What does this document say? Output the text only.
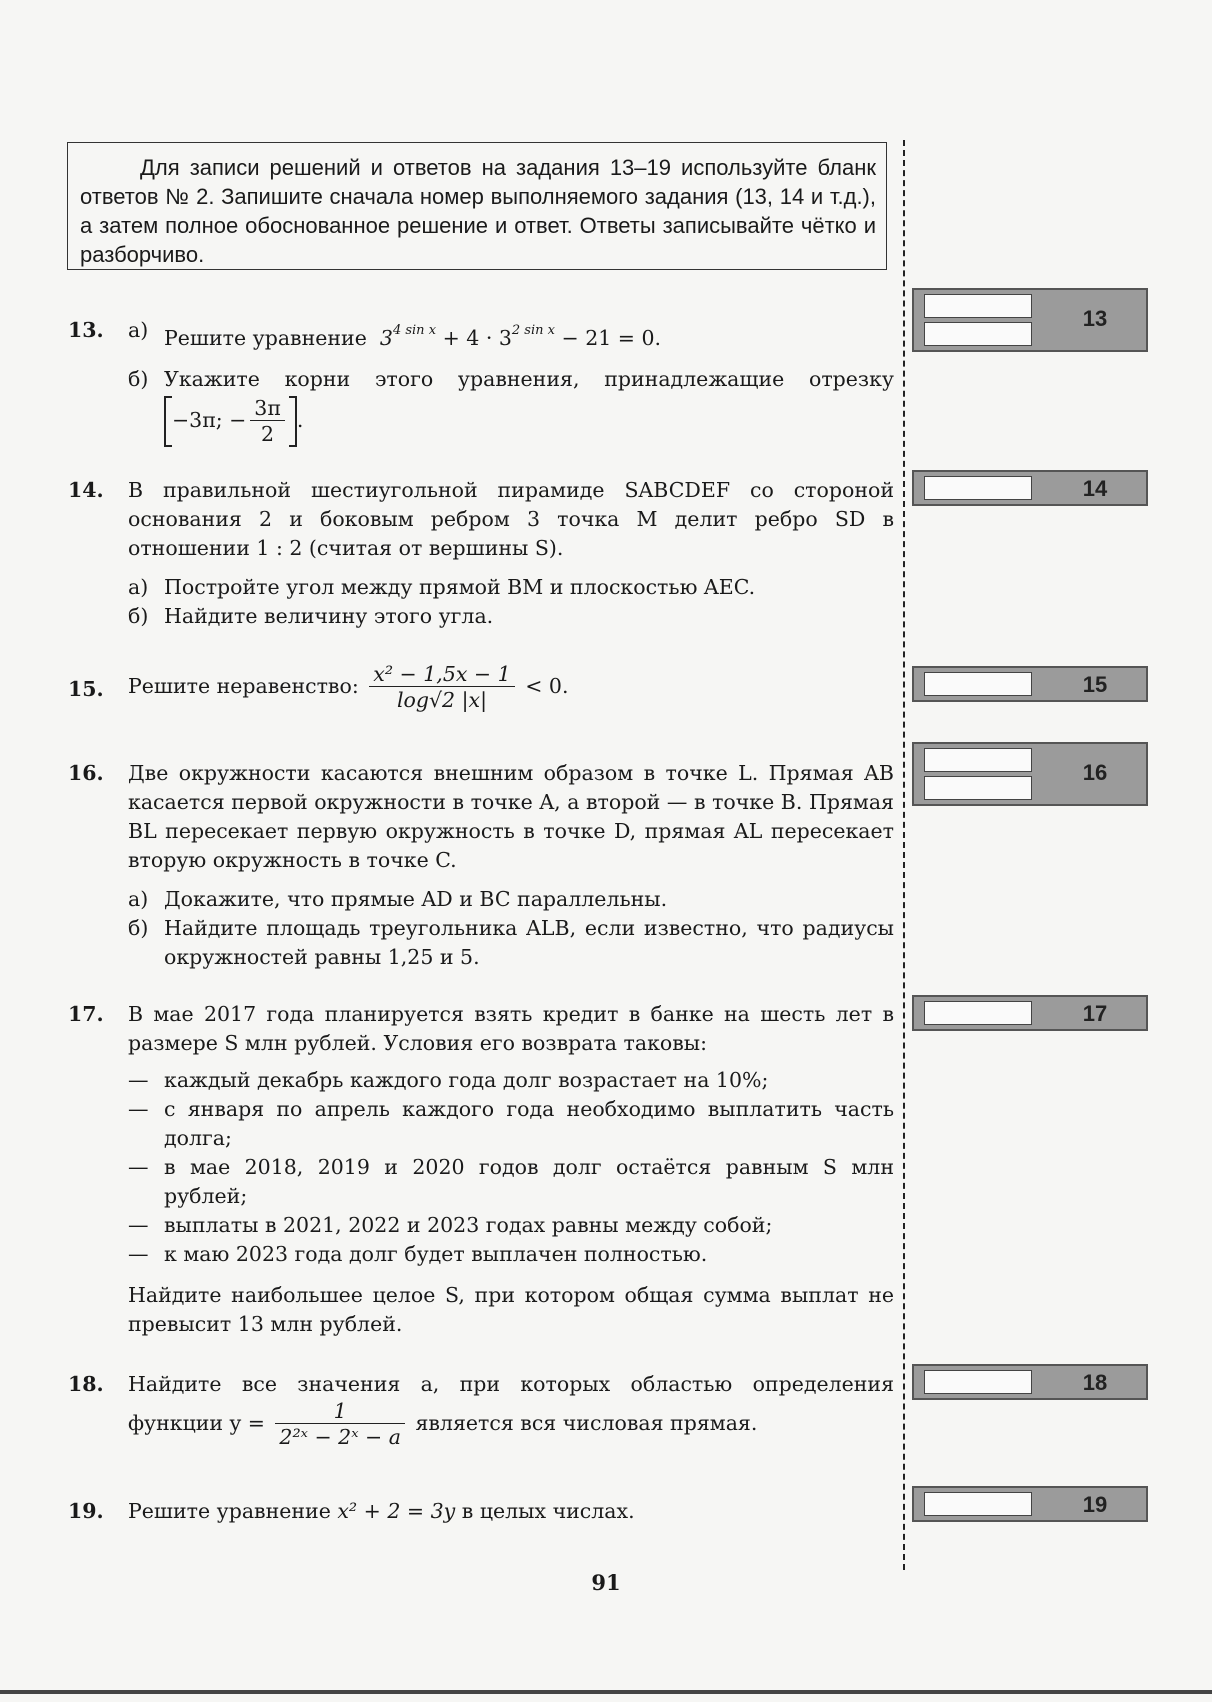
Для записи решений и ответов на задания 13–19 используйте бланк ответов № 2. Запишите сначала номер выполняемого задания (13, 14 и т.д.), а затем полное обоснованное решение и ответ. Ответы записывайте чётко и разборчиво.
13
14
15
16
17
18
19
13. а) Решите уравнение $3^{4 sin x} + 4 \cdot 3^{2 sin x} - 21 = 0$.
б) Укажите корни этого уравнения, принадлежащие отрезку
−3π; − $\frac{3\pi}{2}$ .
14. В правильной шестиугольной пирамиде SABCDEF со стороной основания 2 и боковым ребром 3 точка M делит ребро SD в отношении 1 : 2 (считая от вершины S).
а) Постройте угол между прямой BM и плоскостью AEC.
б) Найдите величину этого угла.
15. Решите неравенство: $\frac{\text{x² − 1,5x − 1}}{\log√2 |x|} < 0$.
16. Две окружности касаются внешним образом в точке L. Прямая AB касается первой окружности в точке A, а второй — в точке B. Прямая BL пересекает первую окружность в точке D, прямая AL пересекает вторую окружность в точке C.
а) Докажите, что прямые AD и BC параллельны.
б) Найдите площадь треугольника ALB, если известно, что радиусы окружностей равны 1,25 и 5.
17. В мае 2017 года планируется взять кредит в банке на шесть лет в размере S млн рублей. Условия его возврата таковы:
— каждый декабрь каждого года долг возрастает на 10%;
— с января по апрель каждого года необходимо выплатить часть долга;
— в мае 2018, 2019 и 2020 годов долг остаётся равным S млн рублей;
— выплаты в 2021, 2022 и 2023 годах равны между собой;
— к маю 2023 года долг будет выплачен полностью.
Найдите наибольшее целое S, при котором общая сумма выплат не превысит 13 млн рублей.
18. Найдите все значения a, при которых областью определения
функции $y = \frac{1}{\text{2²ˣ − 2ˣ − a}}$ является вся числовая прямая.
19. Решите уравнение x² + 2 = 3y в целых числах.
91
